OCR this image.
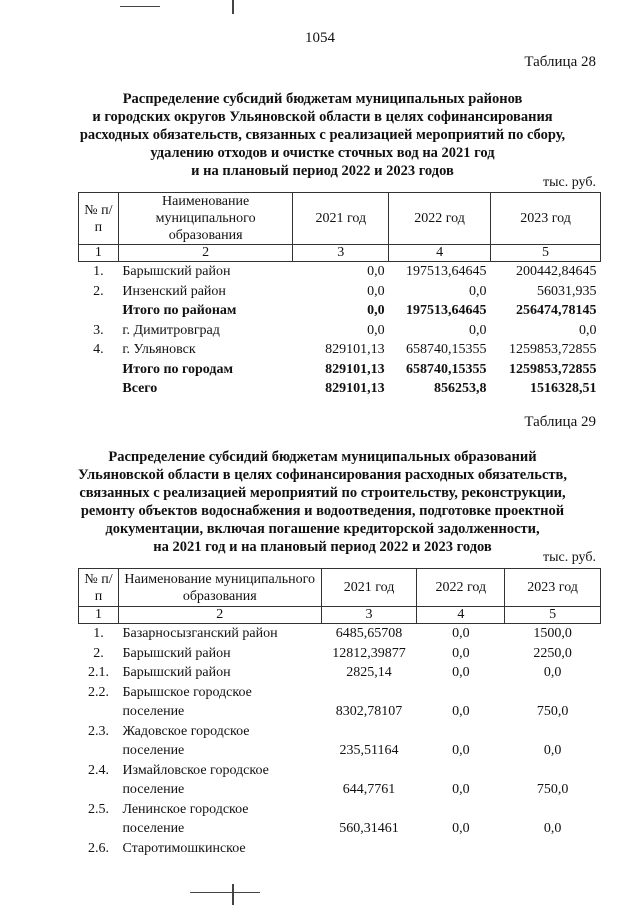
1054
Таблица 28
Распределение субсидий бюджетам муниципальных районов
и городских округов Ульяновской области в целях софинансирования
расходных обязательств, связанных с реализацией мероприятий по сбору,
удалению отходов и очистке сточных вод на 2021 год
и на плановый период 2022 и 2023 годов
тыс. руб.
№ п/п	Наименование муниципального образования	2021 год	2022 год	2023 год
1	2	3	4	5
1.	Барышский район	0,0	197513,64645	200442,84645
2.	Инзенский район	0,0	0,0	56031,935
	Итого по районам	0,0	197513,64645	256474,78145
3.	г. Димитровград	0,0	0,0	0,0
4.	г. Ульяновск	829101,13	658740,15355	1259853,72855
	Итого по городам	829101,13	658740,15355	1259853,72855
	Всего	829101,13	856253,8	1516328,51
Таблица 29
Распределение субсидий бюджетам муниципальных образований
Ульяновской области в целях софинансирования расходных обязательств,
связанных с реализацией мероприятий по строительству, реконструкции,
ремонту объектов водоснабжения и водоотведения, подготовке проектной
документации, включая погашение кредиторской задолженности,
на 2021 год и на плановый период 2022 и 2023 годов
тыс. руб.
№ п/п	Наименование муниципального образования	2021 год	2022 год	2023 год
1	2	3	4	5
1.	Базарносызганский район	6485,65708	0,0	1500,0
2.	Барышский район	12812,39877	0,0	2250,0
2.1.	Барышский район	2825,14	0,0	0,0
2.2.	Барышское городское
поселение	8302,78107	0,0	750,0
2.3.	Жадовское городское
поселение	235,51164	0,0	0,0
2.4.	Измайловское городское
поселение	644,7761	0,0	750,0
2.5.	Ленинское городское
поселение	560,31461	0,0	0,0
2.6.	Старотимошкинское			
